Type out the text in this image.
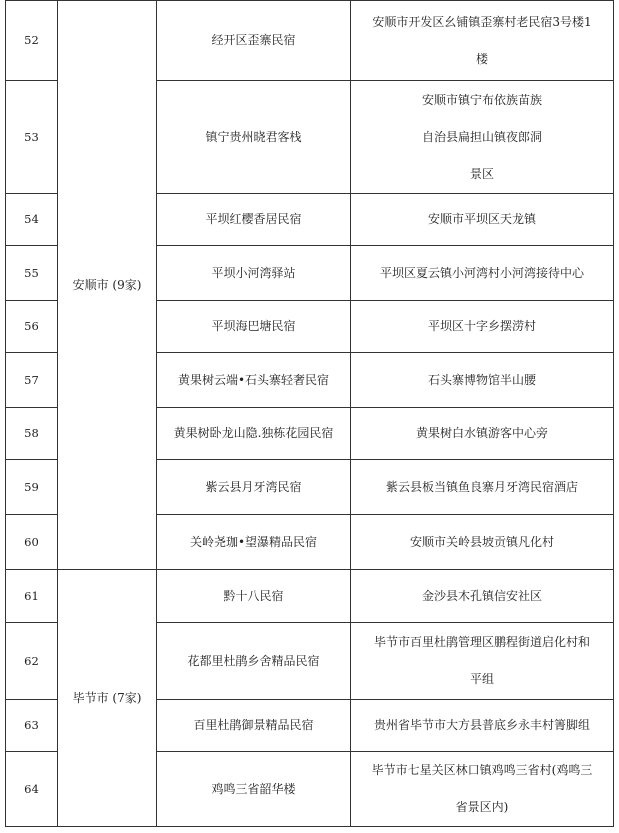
52	安顺市 (9家)	经开区歪寨民宿	安顺市开发区幺铺镇歪寨村老民宿3号楼1
楼

53		镇宁贵州晓君客栈	安顺市镇宁布依族苗族
自治县扁担山镇夜郎洞
景区

54		平坝红樱香居民宿	安顺市平坝区天龙镇

55		平坝小河湾驿站	平坝区夏云镇小河湾村小河湾接待中心

56		平坝海巴塘民宿	平坝区十字乡摆涝村

57		黄果树云端•石头寨轻奢民宿	石头寨博物馆半山腰

58		黄果树卧龙山隐.独栋花园民宿	黄果树白水镇游客中心旁

59		紫云县月牙湾民宿	紫云县板当镇鱼良寨月牙湾民宿酒店

60		关岭尧珈•望瀑精品民宿	安顺市关岭县坡贡镇凡化村

61	毕节市 (7家)	黔十八民宿	金沙县木孔镇信安社区

62		花都里杜鹃乡舍精品民宿	毕节市百里杜鹃管理区鹏程街道启化村和
平组

63		百里杜鹃御景精品民宿	贵州省毕节市大方县普底乡永丰村箐脚组

64		鸡鸣三省韶华楼	毕节市七星关区林口镇鸡鸣三省村(鸡鸣三
省景区内)
